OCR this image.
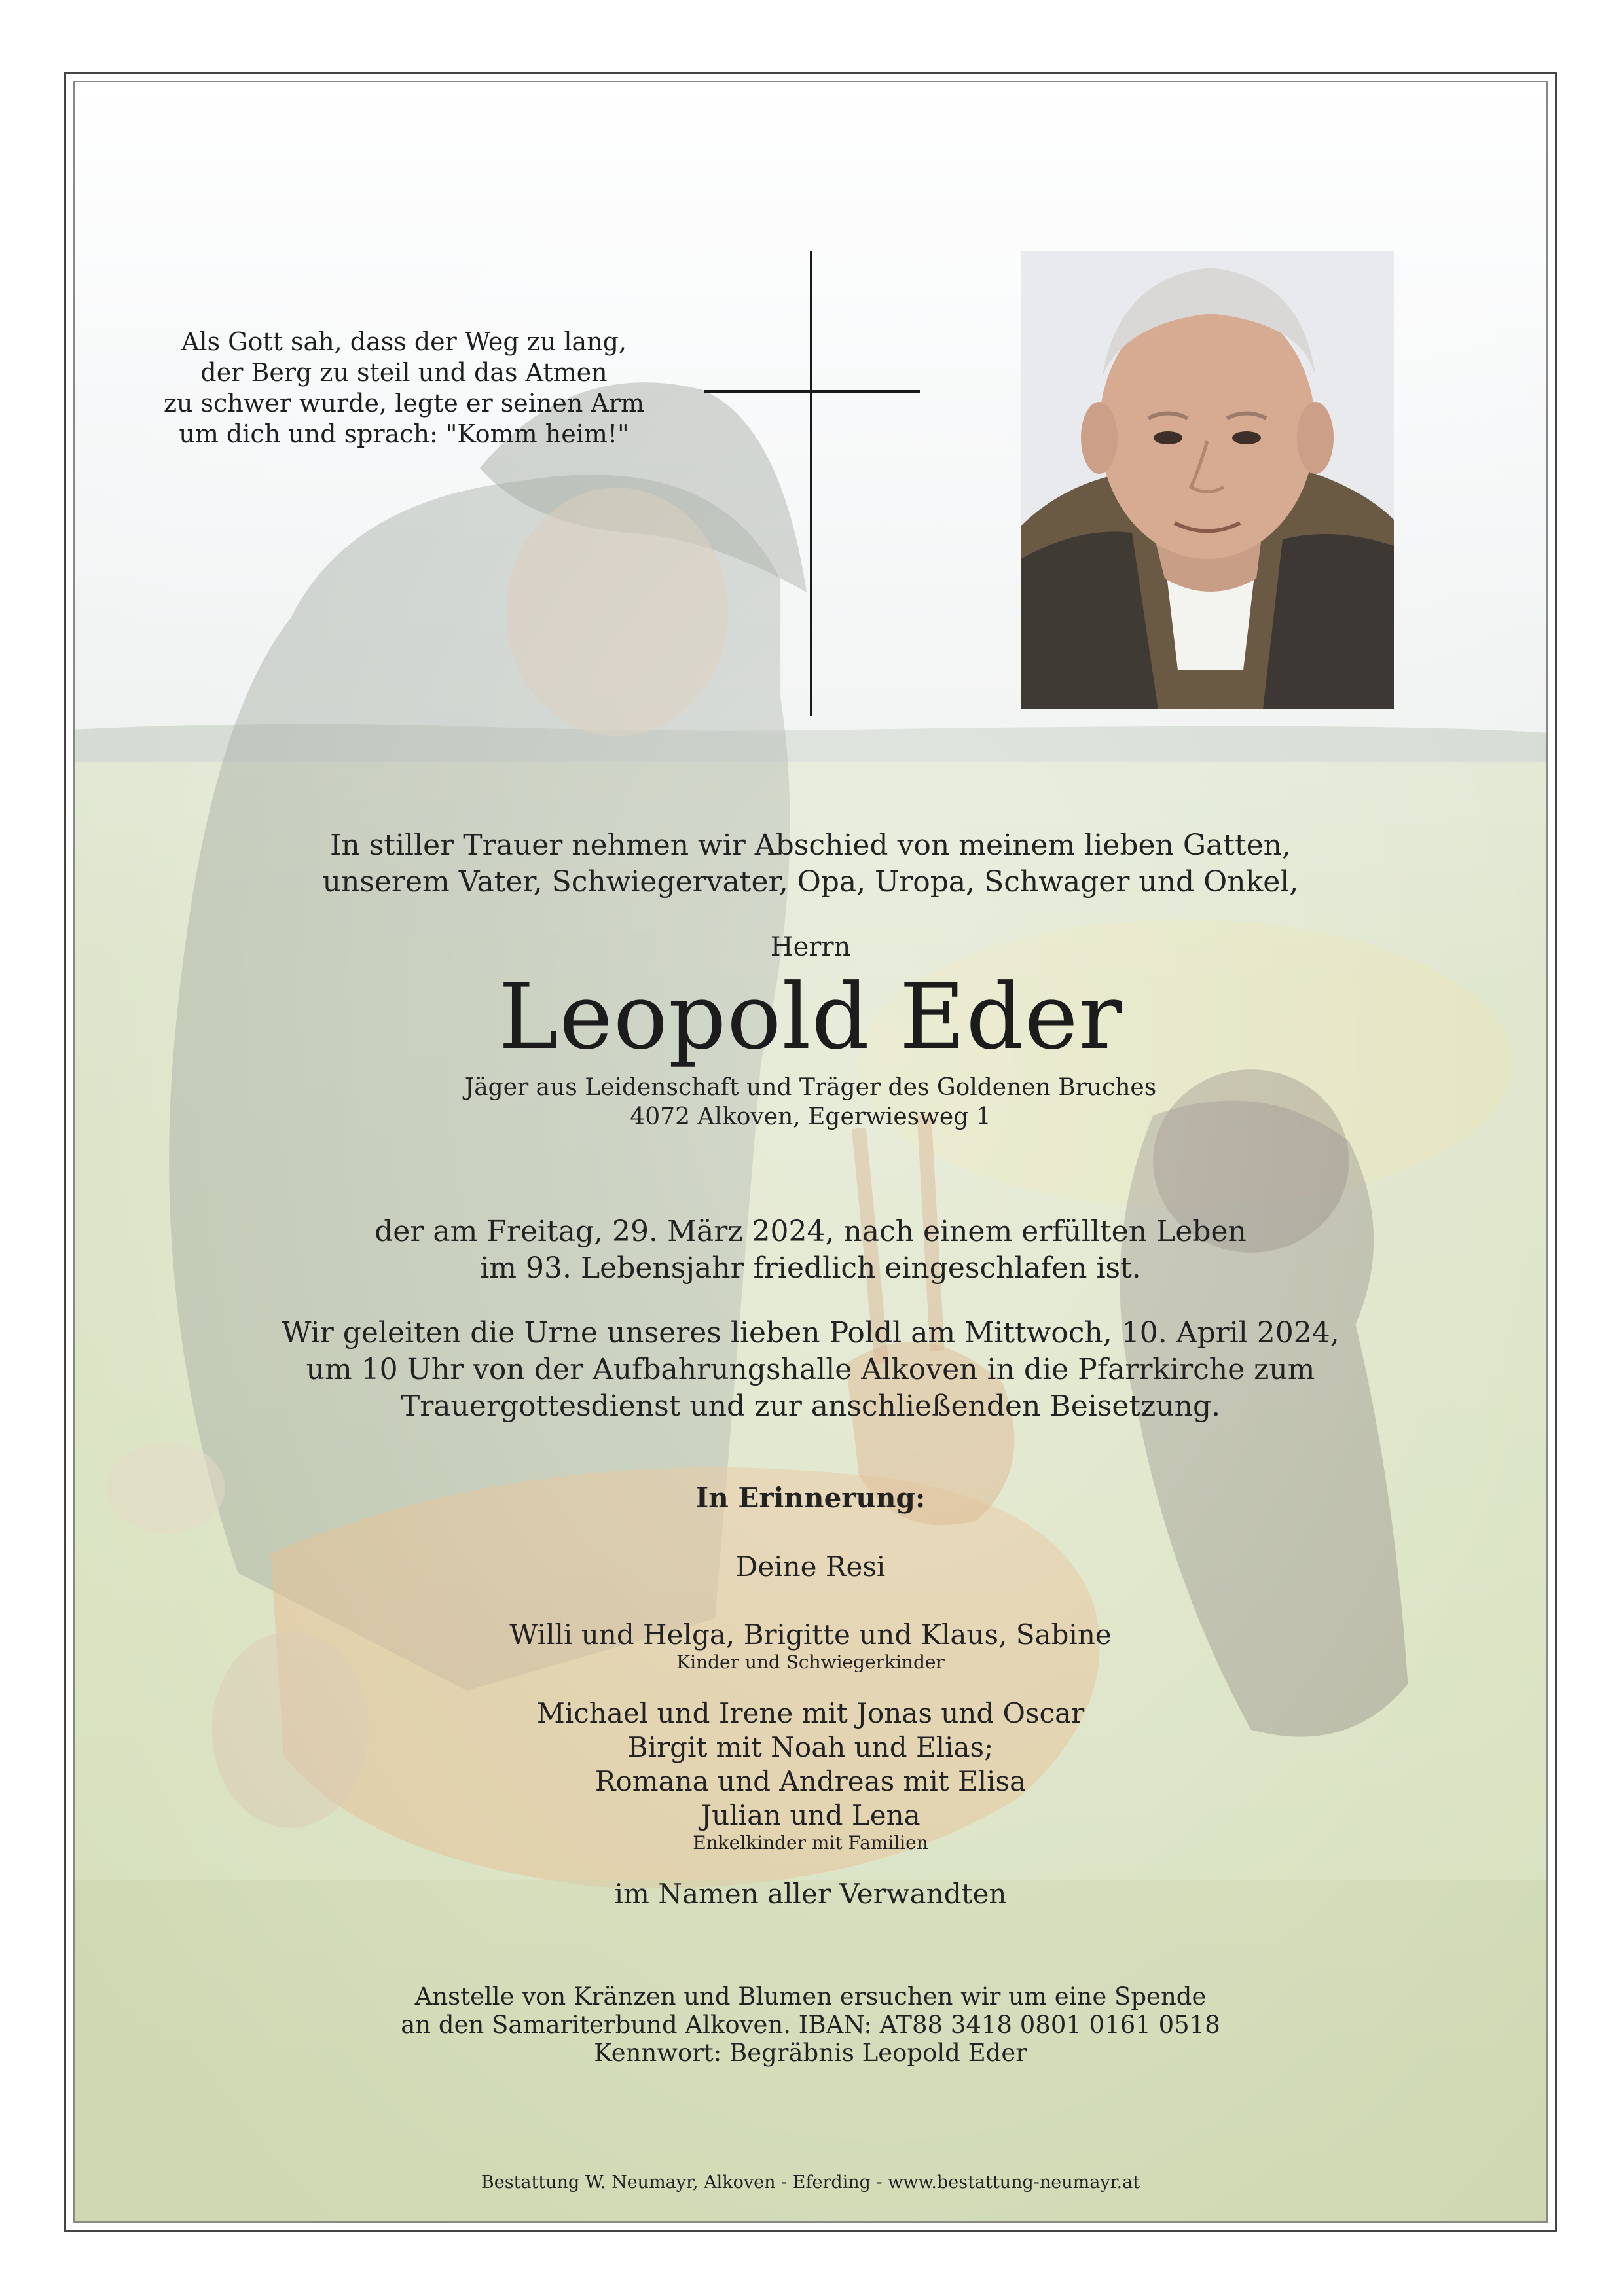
Als Gott sah, dass der Weg zu lang,
der Berg zu steil und das Atmen
zu schwer wurde, legte er seinen Arm
um dich und sprach: "Komm heim!"
In stiller Trauer nehmen wir Abschied von meinem lieben Gatten,
unserem Vater, Schwiegervater, Opa, Uropa, Schwager und Onkel,
Herrn
Leopold Eder
Jäger aus Leidenschaft und Träger des Goldenen Bruches
4072 Alkoven, Egerwiesweg 1
der am Freitag, 29. März 2024, nach einem erfüllten Leben
im 93. Lebensjahr friedlich eingeschlafen ist.
Wir geleiten die Urne unseres lieben Poldl am Mittwoch, 10. April 2024,
um 10 Uhr von der Aufbahrungshalle Alkoven in die Pfarrkirche zum
Trauergottesdienst und zur anschließenden Beisetzung.
In Erinnerung:
Deine Resi
Willi und Helga, Brigitte und Klaus, Sabine
Kinder und Schwiegerkinder
Michael und Irene mit Jonas und Oscar
Birgit mit Noah und Elias;
Romana und Andreas mit Elisa
Julian und Lena
Enkelkinder mit Familien
im Namen aller Verwandten
Anstelle von Kränzen und Blumen ersuchen wir um eine Spende
an den Samariterbund Alkoven. IBAN: AT88 3418 0801 0161 0518
Kennwort: Begräbnis Leopold Eder
Bestattung W. Neumayr, Alkoven - Eferding - www.bestattung-neumayr.at
